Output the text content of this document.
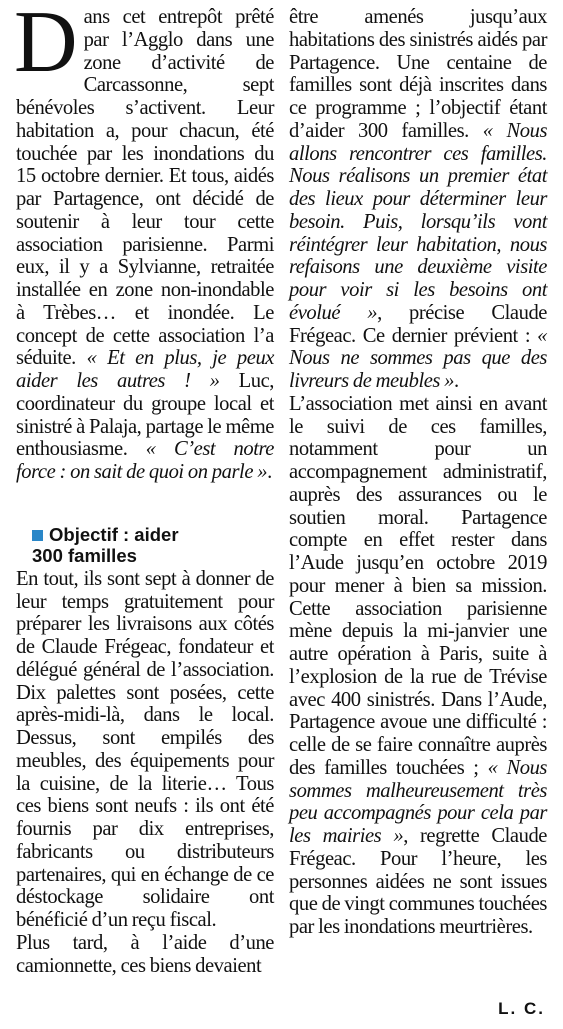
Dans cet entrepôt prêté par l’Agglo dans une zone d’activité de Carcassonne, sept bénévoles s’activent. Leur habitation a, pour chacun, été touchée par les inondations du 15 octobre dernier. Et tous, aidés par Partagence, ont décidé de soutenir à leur tour cette association parisienne. Parmi eux, il y a Sylvianne, retraitée installée en zone non-inondable à Trèbes… et inondée. Le concept de cette association l’a séduite. « Et en plus, je peux aider les autres ! » Luc, coordinateur du groupe local et sinistré à Palaja, partage le même enthousiasme. « C’est notre force : on sait de quoi on parle ».

Objectif : aider
300 familles

En tout, ils sont sept à donner de leur temps gratuitement pour préparer les livraisons aux côtés de Claude Frégeac, fondateur et délégué général de l’association. Dix palettes sont posées, cette après-midi-là, dans le local. Dessus, sont empilés des meubles, des équipements pour la cuisine, de la literie… Tous ces biens sont neufs : ils ont été fournis par dix entreprises, fabricants ou distributeurs partenaires, qui en échange de ce déstockage solidaire ont bénéficié d’un reçu fiscal.

Plus tard, à l’aide d’une camionnette, ces biens devaient

être amenés jusqu’aux habitations des sinistrés aidés par Partagence. Une centaine de familles sont déjà inscrites dans ce programme ; l’objectif étant d’aider 300 familles. « Nous allons rencontrer ces familles. Nous réalisons un premier état des lieux pour déterminer leur besoin. Puis, lorsqu’ils vont réintégrer leur habitation, nous refaisons une deuxième visite pour voir si les besoins ont évolué », précise Claude Frégeac. Ce dernier prévient : « Nous ne sommes pas que des livreurs de meubles ».

L’association met ainsi en avant le suivi de ces familles, notamment pour un accompagnement administratif, auprès des assurances ou le soutien moral. Partagence compte en effet rester dans l’Aude jusqu’en octobre 2019 pour mener à bien sa mission. Cette association parisienne mène depuis la mi-janvier une autre opération à Paris, suite à l’explosion de la rue de Trévise avec 400 sinistrés. Dans l’Aude, Partagence avoue une difficulté : celle de se faire connaître auprès des familles touchées ; « Nous sommes malheureusement très peu accompagnés pour cela par les mairies », regrette Claude Frégeac. Pour l’heure, les personnes aidées ne sont issues que de vingt communes touchées par les inondations meurtrières.

L. C.
